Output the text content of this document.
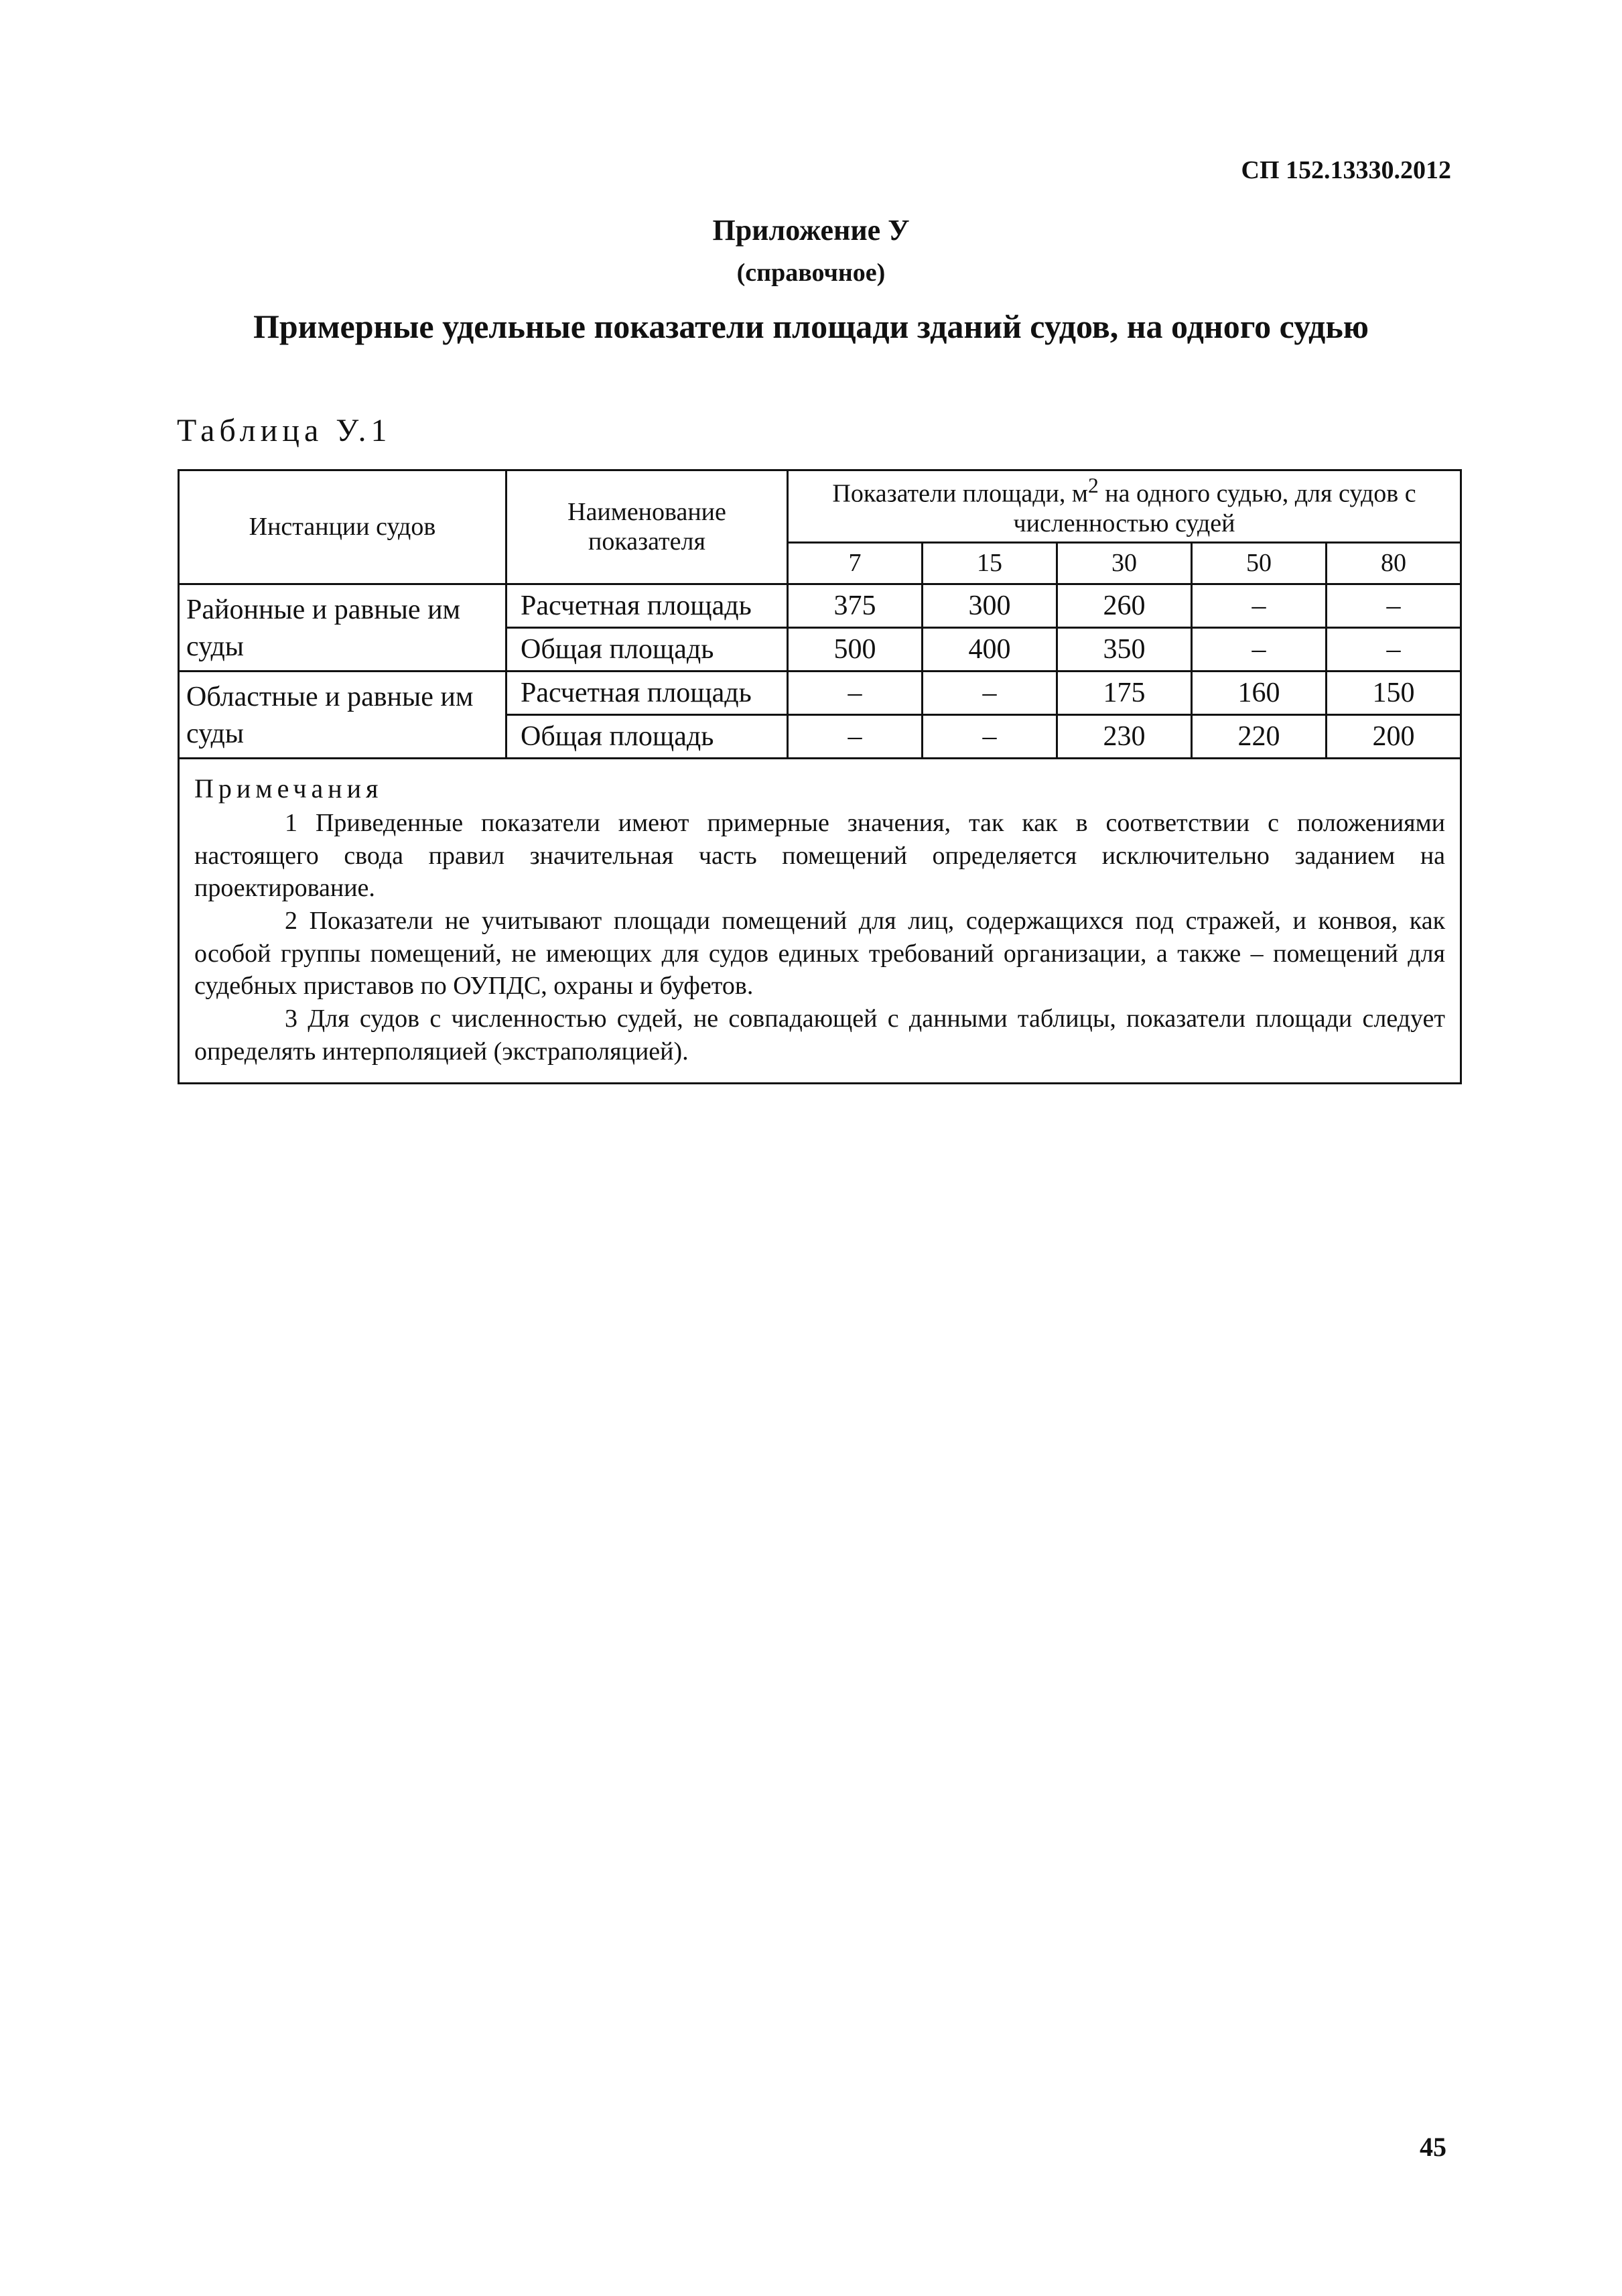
СП 152.13330.2012
Приложение У
(справочное)
Примерные удельные показатели площади зданий судов, на одного судью
Таблица У.1
Инстанции судов	Наименование показателя	Показатели площади, $м^2$ на одного судью, для судов с численностью судей				
		7	15	30	50	80
Районные и равные им суды	Расчетная площадь	375	300	260	–	–
	Общая площадь	500	400	350	–	–
Областные и равные им суды	Расчетная площадь	–	–	175	160	150
	Общая площадь	–	–	230	220	200

Примечания

1 Приведенные показатели имеют примерные значения, так как в соответствии с положениями настоящего свода правил значительная часть помещений определяется исключительно заданием на проектирование.

2 Показатели не учитывают площади помещений для лиц, содержащихся под стражей, и конвоя, как особой группы помещений, не имеющих для судов единых требований организации, а также – помещений для судебных приставов по ОУПДС, охраны и буфетов.

3 Для судов с численностью судей, не совпадающей с данными таблицы, показатели площади следует определять интерполяцией (экстраполяцией).						

45
